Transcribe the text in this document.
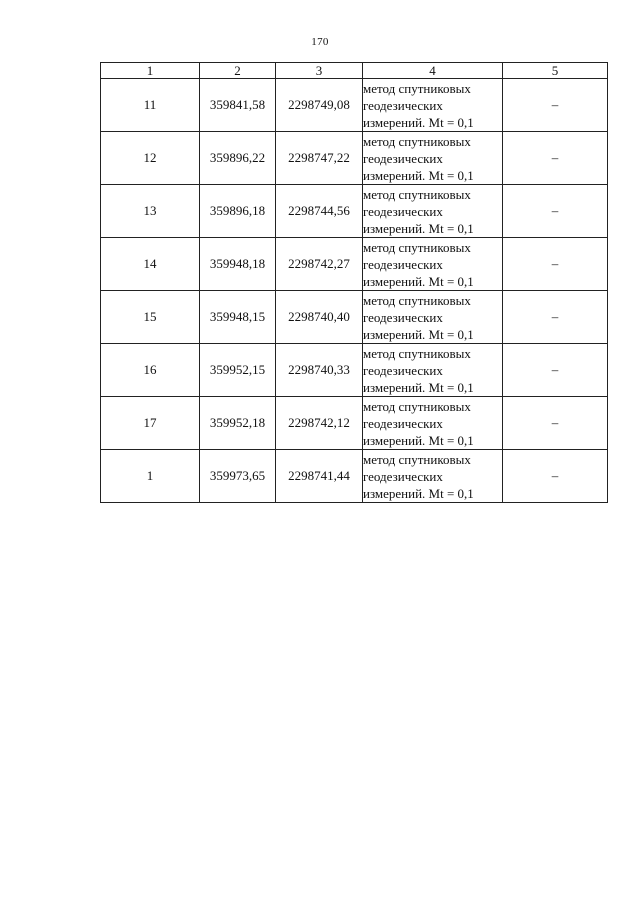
170
1	2	3	4	5
11	359841,58	2298749,08	метод спутниковых
геодезических
измерений. Mt = 0,1	–
12	359896,22	2298747,22	метод спутниковых
геодезических
измерений. Mt = 0,1	–
13	359896,18	2298744,56	метод спутниковых
геодезических
измерений. Mt = 0,1	–
14	359948,18	2298742,27	метод спутниковых
геодезических
измерений. Mt = 0,1	–
15	359948,15	2298740,40	метод спутниковых
геодезических
измерений. Mt = 0,1	–
16	359952,15	2298740,33	метод спутниковых
геодезических
измерений. Mt = 0,1	–
17	359952,18	2298742,12	метод спутниковых
геодезических
измерений. Mt = 0,1	–
1	359973,65	2298741,44	метод спутниковых
геодезических
измерений. Mt = 0,1	–
